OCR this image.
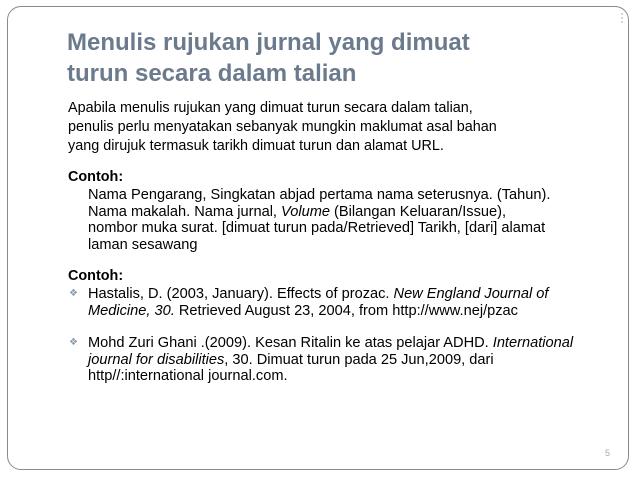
5
Menulis rujukan jurnal yang dimuat
turun secara dalam talian

Apabila menulis rujukan yang dimuat turun secara dalam talian,
penulis perlu menyatakan sebanyak mungkin maklumat asal bahan
yang dirujuk termasuk tarikh dimuat turun dan alamat URL.

Contoh:
Nama Pengarang, Singkatan abjad pertama nama seterusnya. (Tahun).
Nama makalah. Nama jurnal, Volume (Bilangan Keluaran/Issue),
nombor muka surat. [dimuat turun pada/Retrieved] Tarikh, [dari] alamat
laman sesawang
Contoh:
❖ Hastalis, D. (2003, January). Effects of prozac. New England Journal of Medicine, 30. Retrieved August 23, 2004, from http://www.nej/pzac
❖ Mohd Zuri Ghani .(2009). Kesan Ritalin ke atas pelajar ADHD. International journal for disabilities, 30. Dimuat turun pada 25 Jun,2009, dari http//:international journal.com.
